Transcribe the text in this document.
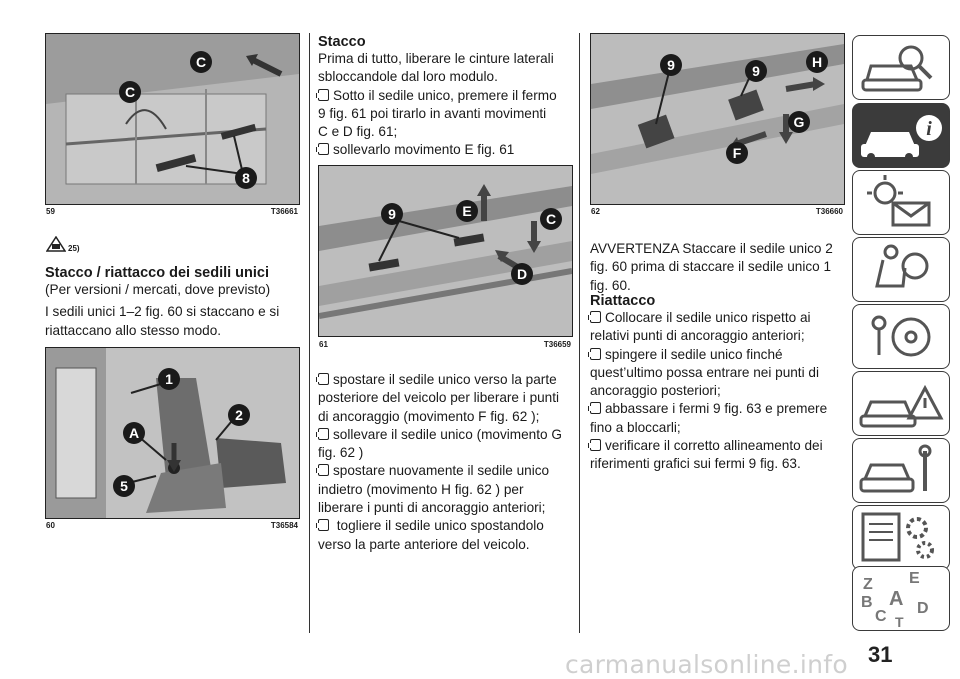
C
C
8
59	T36661
25)
Stacco / riattacco dei sedili unici

(Per versioni / mercati, dove previsto)

I sedili unici 1–2 fig. 60 si staccano e si

riattaccano allo stesso modo.

1
2
A
5
60	T36584
Stacco

Prima di tutto, liberare le cinture laterali

sbloccandole dal loro modulo.

Sotto il sedile unico, premere il fermo

9 fig. 61 poi tirarlo in avanti movimenti

C e D fig. 61;

sollevarlo movimento E fig. 61

9	E	C
D
61	T36659

spostare il sedile unico verso la parte

posteriore del veicolo per liberare i punti

di ancoraggio (movimento F fig. 62 );

sollevare il sedile unico (movimento G

fig. 62 )

spostare nuovamente il sedile unico

indietro (movimento H fig. 62 ) per

liberare i punti di ancoraggio anteriori;

togliere il sedile unico spostandolo

verso la parte anteriore del veicolo.

9	9
H
G
F
62	T36660

AVVERTENZA Staccare il sedile unico 2

fig. 60 prima di staccare il sedile unico 1

fig. 60.

Riattacco

Collocare il sedile unico rispetto ai

relativi punti di ancoraggio anteriori;

spingere il sedile unico finché

quest’ultimo possa entrare nei punti di

ancoraggio posteriori;

abbassare i fermi 9 fig. 63 e premere

fino a bloccarli;

verificare il corretto allineamento dei

riferimenti grafici sui fermi 9 fig. 63.

i
Z E
B A D
C T
31
carmanualsonline.info
